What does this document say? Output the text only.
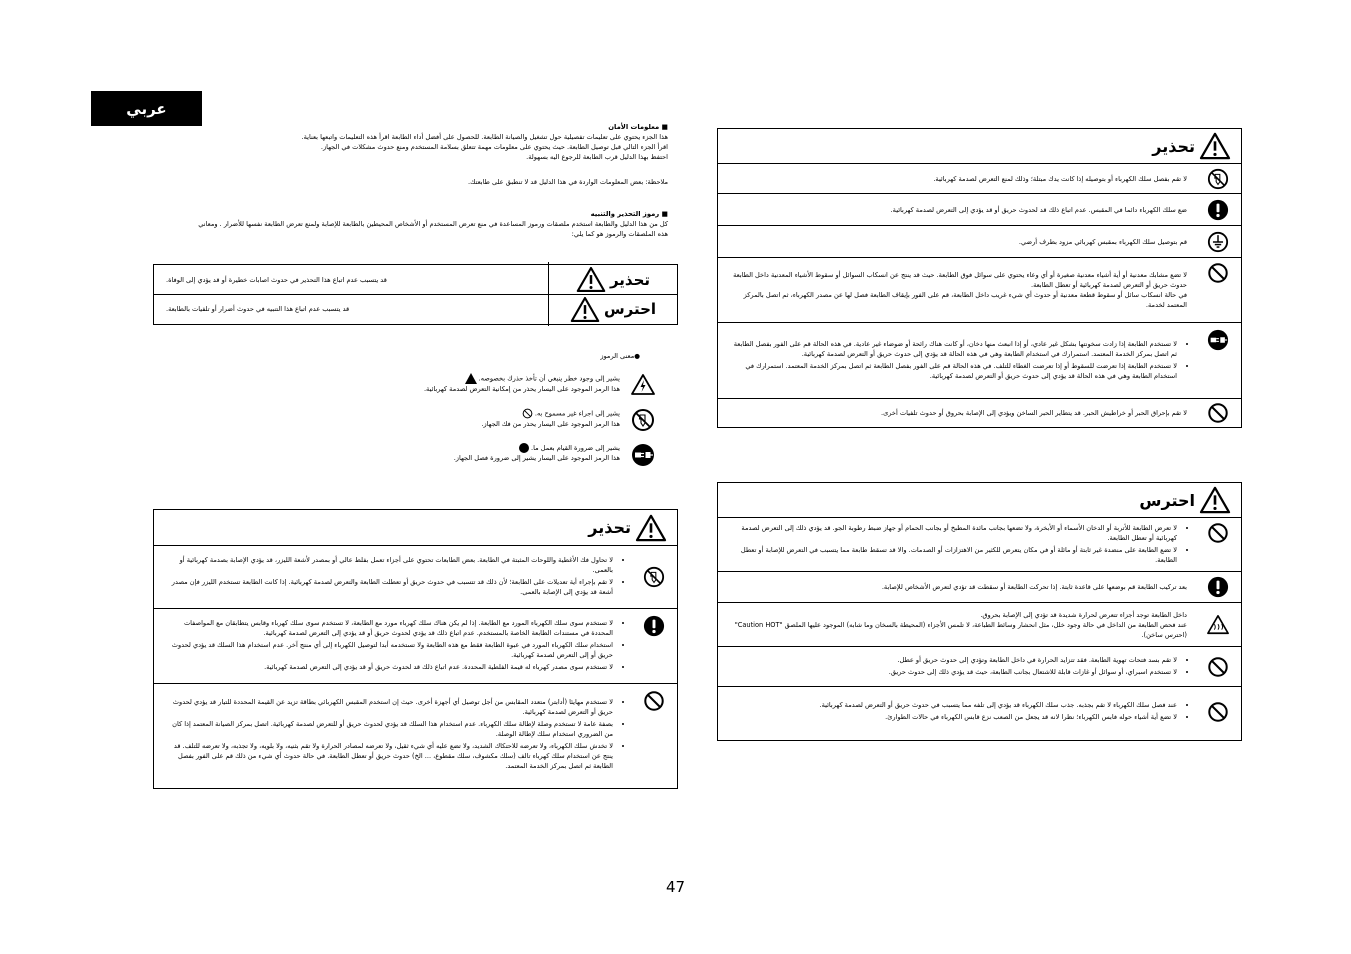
عربي
■ معلومات الأمان
هذا الجزء يحتوي على تعليمات تفصيلية حول تشغيل والصيانة الطابعة. للحصول على أفضل أداء الطابعة اقرأ هذه التعليمات واتبعها بعناية.
اقرأ الجزء التالي قبل توصيل الطابعة. حيث يحتوي على معلومات مهمة تتعلق بسلامة المستخدم ومنع حدوث مشكلات في الجهاز.
احتفظ بهذا الدليل قرب الطابعة للرجوع اليه بسهولة.
ملاحظة: بعض المعلومات الواردة في هذا الدليل قد لا تنطبق على طابعتك.
■ رموز التحذير والتنبيه
كل من هذا الدليل والطابعة استخدم ملصقات ورموز المساعدة في منع تعرض المستخدم أو الأشخاص المحيطين بالطابعة للإصابة ولمنع تعرض الطابعة نفسها للأضرار . ومعاني
هذه الملصقات والرموز هو كما يلي:
قد يتسبب عدم اتباع هذا التحذير في حدوث اصابات خطيرة أو قد يؤدي إلى الوفاة.	تحذير
قد يتسبب عدم اتباع هذا التنبيه في حدوث أضرار أو تلفيات بالطابعة.	احترس
●معنى الرموز
يشير إلى وجود خطر ينبغي أن تأخذ حذرك بخصوصه.
هذا الرمز الموجود على اليسار يحذر من إمكانية التعرض لصدمة كهربائية.
يشير إلى اجراء غير مسموح به.
هذا الرمز الموجود على اليسار يحذر من فك الجهاز.
يشير إلى ضرورة القيام بعمل ما.
هذا الرمز الموجود على اليسار يشير إلى ضرورة فصل الجهاز.
تحذير
• لا تحاول فك الأغطية واللوحات المثبتة في الطابعة. بعض الطابعات تحتوي على أجزاء تعمل بفلط عالي أو بمصدر لأشعة الليزر، قد يؤدي الإصابة بصدمة كهربائية أو بالعمى.
• لا تقم بإجراء أية تعديلات على الطابعة؛ لأن ذلك قد تتسبب في حدوث حريق أو تعطلت الطابعة والتعرض لصدمة كهربائية. إذا كانت الطابعة تستخدم الليزر فإن مصدر أشعة قد يؤدي إلى الإصابة بالعمى.
• لا تستخدم سوى سلك الكهرباء المورد مع الطابعة. إذا لم يكن هناك سلك كهرباء مورد مع الطابعة، لا تستخدم سوى سلك كهرباء وقابس يتطابقان مع المواصفات المحددة في مستندات الطابعة الخاصة بالمستخدم. عدم اتباع ذلك قد يؤدي لحدوث حريق أو قد يؤدي إلى التعرض لصدمة كهربائية.
• استخدام سلك الكهرباء المورد في عبوة الطابعة فقط مع هذه الطابعة ولا تستخدمه أبدا لتوصيل الكهرباء إلى أي منتج آخر. عدم استخدام هذا السلك قد يؤدي لحدوث حريق أو إلى التعرض لصدمة كهربائية.
• لا تستخدم سوى مصدر كهرباء له قيمة الفلطية المحددة. عدم اتباع ذلك قد لحدوث حريق أو قد يؤدي إلى التعرض لصدمة كهربائية.
• لا تستخدم مهايئا (أدابتر) متعدد المقابس من أجل توصيل أي أجهزة أخرى. حيث إن استخدم المقبس الكهربائي بطاقة تزيد عن القيمة المحددة للتيار قد يؤدي لحدوث حريق أو التعرض لصدمة كهربائية.
• بصفة عامة لا تستخدم وصلة لإطالة سلك الكهرباء. عدم استخدام هذا السلك قد يؤدي لحدوث حريق أو للتعرض لصدمة كهربائية. اتصل بمركز الصيانة المعتمد إذا كان من الضروري استخدام سلك لإطالة الوصلة.
• لا تخدش سلك الكهرباء، ولا تعرضه للاحتكاك الشديد، ولا تضع عليه أي شيء ثقيل، ولا تعرضه لمصادر الحرارة ولا تقم بثنيه، ولا بلويه، ولا تجذبه، ولا تعرضه للتلف. قد ينتج عن استخدام سلك كهرباء تالف (سلك مكشوف، سلك مقطوع، ... الخ) حدوث حريق أو تعطل الطابعة. في حالة حدوث أي شيء من ذلك قم على الفور بفصل الطابعة ثم اتصل بمركز الخدمة المعتمد.
تحذير
لا تقم بفصل سلك الكهرباء أو بتوصيله إذا كانت يدك مبتلة؛ وذلك لمنع التعرض لصدمة كهربائية.
ضع سلك الكهرباء دائما في المقبس. عدم اتباع ذلك قد لحدوث حريق أو قد يؤدي إلى التعرض لصدمة كهربائية.
قم بتوصيل سلك الكهرباء بمقبس كهربائي مزود بطرف أرضي.
لا تضع مشابك معدنية أو أية أشياء معدنية صغيرة أو أي وعاء يحتوي على سوائل فوق الطابعة. حيث قد ينتج عن انسكاب السوائل أو سقوط الأشياء المعدنية داخل الطابعة حدوث حريق أو التعرض لصدمة كهربائية أو تعطل الطابعة.
في حالة انسكاب سائل أو سقوط قطعة معدنية أو حدوث أي شيء غريب داخل الطابعة، قم على الفور بإيقاف الطابعة فصل لها عن مصدر الكهرباء، ثم اتصل بالمركز المعتمد لخدمة.
• لا تستخدم الطابعة إذا زادت سخونتها بشكل غير عادي، أو إذا انبعث منها دخان، أو كانت هناك رائحة أو ضوضاء غير عادية. في هذه الحالة قم على الفور بفصل الطابعة ثم اتصل بمركز الخدمة المعتمد. استمرارك في استخدام الطابعة وهي في هذه الحالة قد يؤدي إلى حدوث حريق أو التعرض لصدمة كهربائية.
• لا تستخدم الطابعة إذا تعرضت للسقوط أو إذا تعرضت الغطاء للتلف. في هذه الحالة قم على الفور بفصل الطابعة ثم اتصل بمركز الخدمة المعتمد. استمرارك في استخدام الطابعة وهي في هذه الحالة قد يؤدي إلى حدوث حريق أو التعرض لصدمة كهربائية.
لا تقم بإحراق الحبر أو خراطيش الحبر. قد يتطاير الحبر الساخن ويؤدي إلى الإصابة بحروق أو حدوث تلفيات أخرى.
احترس
• لا تعرض الطابعة للأتربة أو الدخان الأسماء أو الأبخرة، ولا تضعها بجانب مائدة المطبخ أو بجانب الحمام أو جهاز ضبط رطوبة الجو. قد يؤدي ذلك إلى التعرض لصدمة كهربائية أو تعطل الطابعة.
• لا تضع الطابعة على منضدة غير ثابتة أو مائلة أو في مكان يتعرض للكثير من الاهتزازات أو الصدمات. والا قد تسقط طابعة مما يتسبب في التعرض للإصابة أو تعطل الطابعة.
بعد تركيب الطابعة قم بوضعها على قاعدة ثابتة. إذا تحركت الطابعة أو سقطت قد تؤدي لتعرض الأشخاص للإصابة.
داخل الطابعة توجد أجزاء تتعرض لحرارة شديدة قد تؤدي إلى الإصابة بحروق.
عند فحص الطابعة من الداخل في حالة وجود خلل، مثل انحشار وسائط الطباعة، لا تلمس الأجزاء (المحيطة بالسخان وما شابه) الموجود عليها الملصق "Caution HOT" (احترس ساخن).
• لا تقم بسد فتحات تهوية الطابعة. فقد تتزايد الحرارة في داخل الطابعة وتؤدي إلى حدوث حريق أو عطل.
• لا تستخدم اسبراي، أو سوائل أو غازات قابلة للاشتعال بجانب الطابعة، حيث قد يؤدي ذلك إلى حدوث حريق.
• عند فصل سلك الكهرباء لا تقم بجذبه. جذب سلك الكهرباء قد يؤدي إلى تلفه مما يتسبب في حدوث حريق أو التعرض لصدمة كهربائية.
• لا تضع أية أشياء حوله فابس الكهرباء؛ نظرا لانه قد يجعل من الصعب نزع قابس الكهرباء في حالات الطوارئ.
47
